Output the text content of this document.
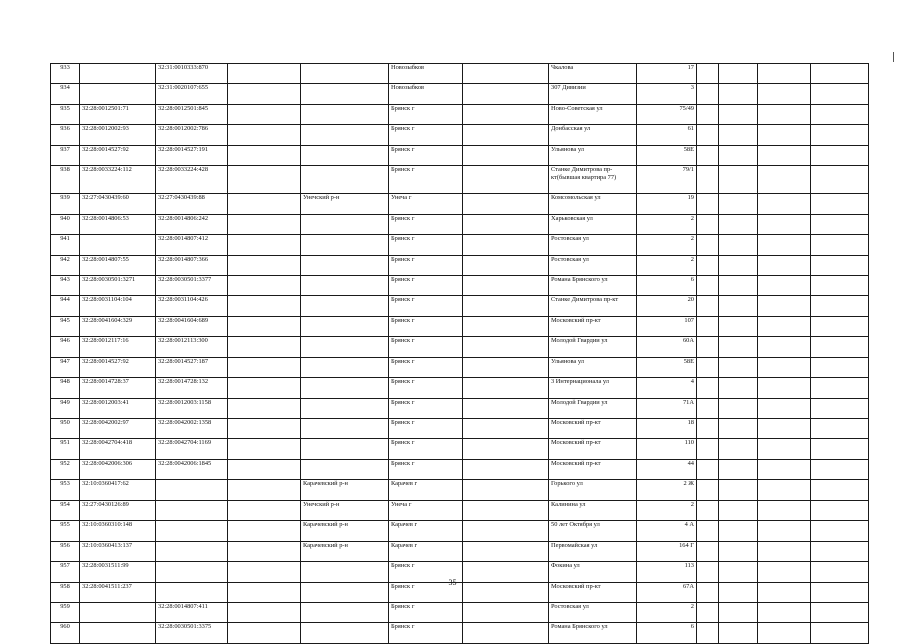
933		32:31:0010333:870			Новозыбков		Чкалова	17				
934		32:31:0020107:655			Новозыбков		307 Дивизии	3				
935	32:28:0012501:71	32:28:0012501:845			Брянск г		Ново-Советская ул	75/49				
936	32:28:0012002:93	32:28:0012002:786			Брянск г		Донбасская ул	61				
937	32:28:0014527:92	32:28:0014527:191			Брянск г		Ульянова ул	58Е				
938	32:28:0033224:112	32:28:0033224:428			Брянск г		Станке Димитрова пр-кт(бывшая квартира 77)	79/1				
939	32:27:0430439:60	32:27:0430439:88		Унечский р-н	Унеча г		Комсомольская ул	19				
940	32:28:0014806:53	32:28:0014806:242			Брянск г		Харьковская ул	2				
941		32:28:0014807:412			Брянск г		Ростовская ул	2				
942	32:28:0014807:55	32:28:0014807:366			Брянск г		Ростовская ул	2				
943	32:28:0030501:3271	32:28:0030501:3377			Брянск г		Романа Брянского ул	6				
944	32:28:0031104:104	32:28:0031104:426			Брянск г		Станке Димитрова пр-кт	20				
945	32:28:0041604:329	32:28:0041604:689			Брянск г		Московский пр-кт	107				
946	32:28:0012117:16	32:28:0012113:300			Брянск г		Молодой Гвардии ул	60А				
947	32:28:0014527:92	32:28:0014527:187			Брянск г		Ульянова ул	58Е				
948	32:28:0014728:37	32:28:0014728:132			Брянск г		3 Интернационала ул	4				
949	32:28:0012003:41	32:28:0012003:1158			Брянск г		Молодой Гвардии ул	71А				
950	32:28:0042002:97	32:28:0042002:1358			Брянск г		Московский пр-кт	18				
951	32:28:0042704:418	32:28:0042704:1169			Брянск г		Московский пр-кт	110				
952	32:28:0042006:306	32:28:0042006:1845			Брянск г		Московский пр-кт	44				
953	32:10:0360417:62			Карачевский р-н	Карачев г		Горького ул	2 Ж				
954	32:27:0430126:89			Унечский р-н	Унеча г		Калинина ул	2				
955	32:10:0360310:148			Карачевский р-н	Карачев г		50 лет Октября ул	4 А				
956	32:10:0360413:137			Карачевский р-н	Карачев г		Первомайская ул	164 Г				
957	32:28:0031511:99				Брянск г		Фокина ул	113				
958	32:28:0041511:237				Брянск г		Московский пр-кт	67А				
959		32:28:0014807:411			Брянск г		Ростовская ул	2				
960		32:28:0030501:3375			Брянск г		Романа Брянского ул	6				
35
